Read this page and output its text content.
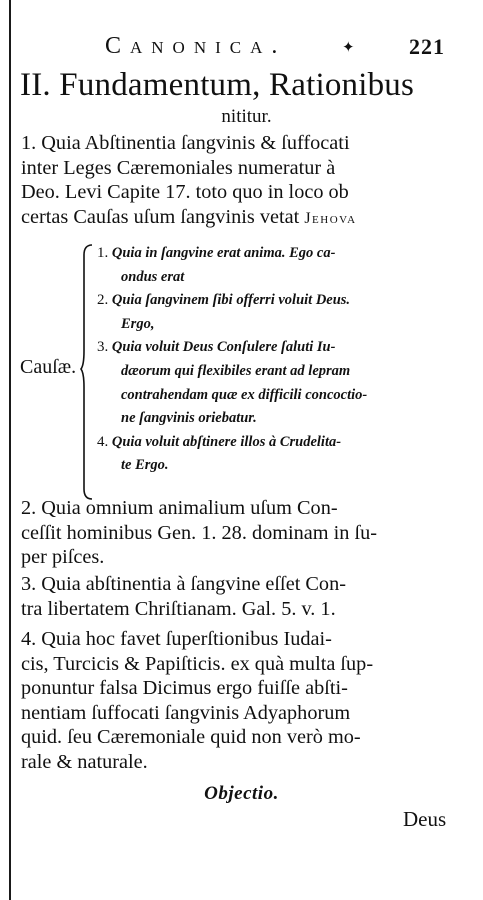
Canonica.	✦ 221
II. Fundamentum, Rationibus
nititur.
1. Quia Abſtinentia ſangvinis & ſuffocati
inter Leges Cæremoniales numeratur à
Deo. Levi Capite 17. toto quo in loco ob
certas Cauſas uſum ſangvinis vetat Jehova
Cauſæ.
1. Quia in ſangvine erat anima. Ego ca-
ondus erat
2. Quia ſangvinem ſibi offerri voluit Deus.
Ergo,
3. Quia voluit Deus Conſulere ſaluti Iu-
dæorum qui flexibiles erant ad lepram
contrahendam quæ ex difficili concoctio-
ne ſangvinis oriebatur.
4. Quia voluit abſtinere illos à Crudelita-
te Ergo.
2. Quia omnium animalium uſum Con-
ceſſit hominibus Gen. 1. 28. dominam in ſu-
per piſces.
3. Quia abſtinentia à ſangvine eſſet Con-
tra libertatem Chriſtianam. Gal. 5. v. 1.
4. Quia hoc favet ſuperſtionibus Iudai-
cis, Turcicis & Papiſticis. ex quà multa ſup-
ponuntur falsa Dicimus ergo fuiſſe abſti-
nentiam ſuffocati ſangvinis Adyaphorum
quid. ſeu Cæremoniale quid non verò mo-
rale & naturale.
Objectio.
Deus
